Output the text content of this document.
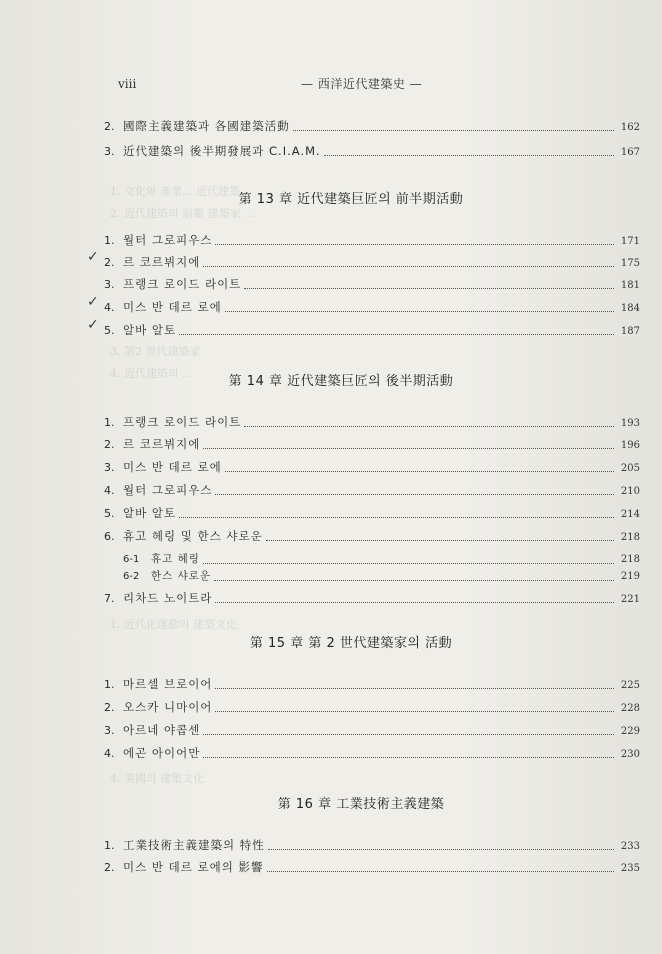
1. 文化와 產業... 近代建築... ...
2. 近代建築의 前衛 建築家 ...
3. 第2 世代建築家
4. 近代建築의 ...
1. 近代化運動의 建築文化
4. 美國의 建築文化
viii	— 西洋近代建築史 —
2. 國際主義建築과 各國建築活動	162
3. 近代建築의 後半期發展과 C.I.A.M.	167
第 13 章 近代建築巨匠의 前半期活動
1. 월터 그로피우스	171
✓ 2. 르 코르뷔지에	175
3. 프랭크 로이드 라이트	181
✓ 4. 미스 반 데르 로에	184
✓ 5. 알바 알토	187
第 14 章 近代建築巨匠의 後半期活動
1. 프랭크 로이드 라이트	193
2. 르 코르뷔지에	196
3. 미스 반 데르 로에	205
4. 월터 그로피우스	210
5. 알바 알토	214
6. 휴고 헤링 및 한스 샤로운	218
6-1	휴고 헤링	218
6-2	한스 샤로운	219
7. 리차드 노이트라	221
第 15 章 第 2 世代建築家의 活動
1. 마르셀 브로이어	225
2. 오스카 니마이어	228
3. 아르네 야콥센	229
4. 에곤 아이어만	230
第 16 章 工業技術主義建築
1. 工業技術主義建築의 特性	233
2. 미스 반 데르 로에의 影響	235
